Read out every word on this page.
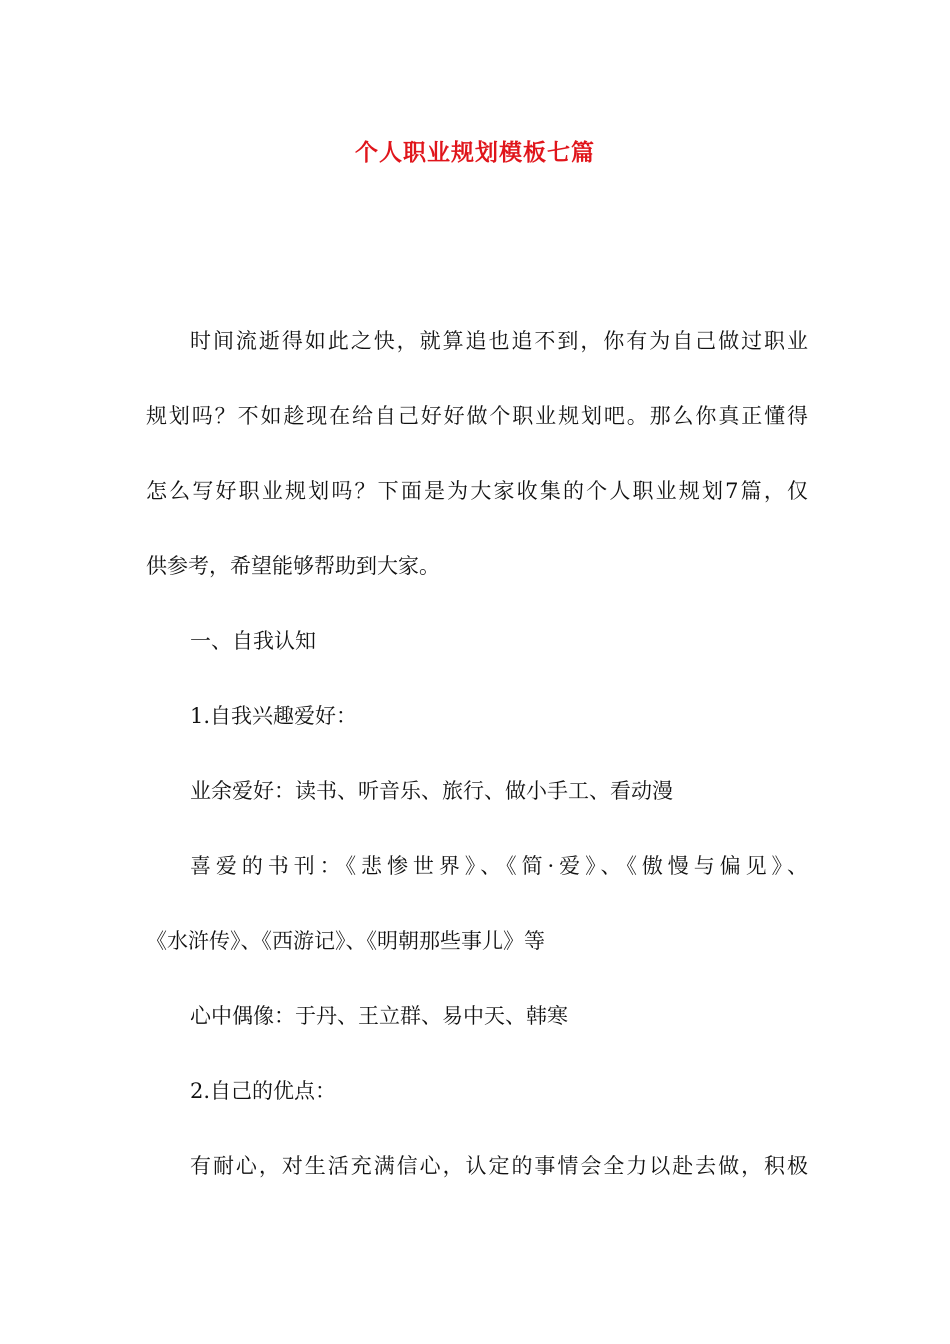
个人职业规划模板七篇
时间流逝得如此之快，就算追也追不到，你有为自己做过职业
规划吗？不如趁现在给自己好好做个职业规划吧。那么你真正懂得
怎么写好职业规划吗？下面是为大家收集的个人职业规划7篇，仅
供参考，希望能够帮助到大家。
一、自我认知
1.自我兴趣爱好：
业余爱好：读书、听音乐、旅行、做小手工、看动漫
喜爱的书刊：《悲惨世界》、《简·爱》、《傲慢与偏见》、
《水浒传》、《西游记》、《明朝那些事儿》等
心中偶像：于丹、王立群、易中天、韩寒
2.自己的优点：
有耐心，对生活充满信心，认定的事情会全力以赴去做，积极
